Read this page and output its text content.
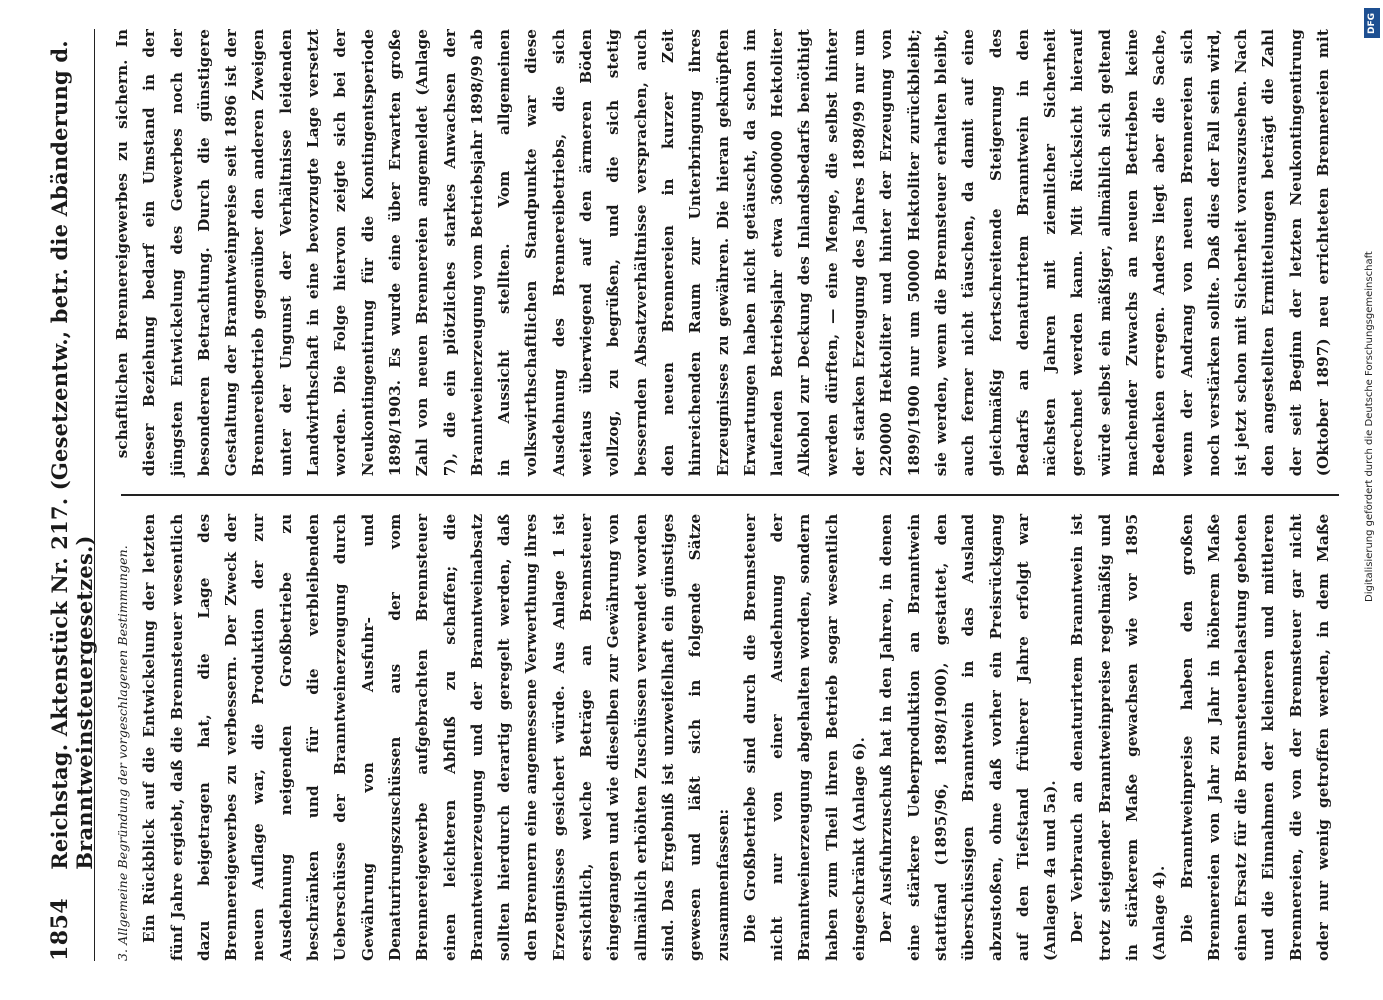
1854
Reichstag. Aktenstück Nr. 217. (Gesetzentw., betr. die Abänderung d. Branntweinsteuergesetzes.)	3. Allgemeine Begründung der vorgeschlagenen Bestimmungen. Ein Rückblick auf die Entwickelung der letzten fünf Jahre ergiebt, daß die Brennsteuer wesentlich dazu beigetragen hat, die Lage des Brennereigewerbes zu verbessern. Der Zweck der neuen Auflage war, die Produktion der zur Ausdehnung neigenden Großbetriebe zu beschränken und für die verbleibenden Ueberschüsse der Branntweinerzeugung durch Gewährung von Ausfuhr- und Denaturirungszuschüssen aus der vom Brennereigewerbe aufgebrachten Brennsteuer einen leichteren Abfluß zu schaffen; die Branntweinerzeugung und der Branntweinabsatz sollten hierdurch derartig geregelt werden, daß den Brennern eine angemessene Verwerthung ihres Erzeugnisses gesichert würde. Aus Anlage 1 ist ersichtlich, welche Beträge an Brennsteuer eingegangen und wie dieselben zur Gewährung von allmählich erhöhten Zuschüssen verwendet worden sind. Das Ergebniß ist unzweifelhaft ein günstiges gewesen und läßt sich in folgende Sätze zusammenfassen: Die Großbetriebe sind durch die Brennsteuer nicht nur von einer Ausdehnung der Branntweinerzeugung abgehalten worden, sondern haben zum Theil ihren Betrieb sogar wesentlich eingeschränkt (Anlage 6). Der Ausfuhrzuschuß hat in den Jahren, in denen eine stärkere Ueberproduktion an Branntwein stattfand (1895/96, 1898/1900), gestattet, den überschüssigen Branntwein in das Ausland abzustoßen, ohne daß vorher ein Preisrückgang auf den Tiefstand früherer Jahre erfolgt war (Anlagen 4a und 5a). Der Verbrauch an denaturirtem Branntwein ist trotz steigender Branntweinpreise regelmäßig und in stärkerem Maße gewachsen wie vor 1895 (Anlage 4). Die Branntweinpreise haben den großen Brennereien von Jahr zu Jahr in höherem Maße einen Ersatz für die Brennsteuerbelastung geboten und die Einnahmen der kleineren und mittleren Brennereien, die von der Brennsteuer gar nicht oder nur wenig getroffen werden, in dem Maße

schaftlichen Brennereigewerbes zu sichern. In dieser Beziehung bedarf ein Umstand in der jüngsten Entwickelung des Gewerbes noch der besonderen Betrachtung. Durch die günstigere Gestaltung der Branntweinpreise seit 1896 ist der Brennereibetrieb gegenüber den anderen Zweigen unter der Ungunst der Verhältnisse leidenden Landwirthschaft in eine bevorzugte Lage versetzt worden. Die Folge hiervon zeigte sich bei der Neukontingentirung für die Kontingentsperiode 1898/1903. Es wurde eine über Erwarten große Zahl von neuen Brennereien angemeldet (Anlage 7), die ein plötzliches starkes Anwachsen der Branntweinerzeugung vom Betriebsjahr 1898/99 ab in Aussicht stellten. Vom allgemeinen volkswirthschaftlichen Standpunkte war diese Ausdehnung des Brennereibetriebs, die sich weitaus überwiegend auf den ärmeren Böden vollzog, zu begrüßen, und die sich stetig bessernden Absatzverhältnisse versprachen, auch den neuen Brennereien in kurzer Zeit hinreichenden Raum zur Unterbringung ihres Erzeugnisses zu gewähren. Die hieran geknüpften Erwartungen haben nicht getäuscht, da schon im laufenden Betriebsjahr etwa 3600000 Hektoliter Alkohol zur Deckung des Inlandsbedarfs benöthigt werden dürften, — eine Menge, die selbst hinter der starken Erzeugung des Jahres 1898/99 nur um 220000 Hektoliter und hinter der Erzeugung von 1899/1900 nur um 50000 Hektoliter zurückbleibt; sie werden, wenn die Brennsteuer erhalten bleibt, auch ferner nicht täuschen, da damit auf eine gleichmäßig fortschreitende Steigerung des Bedarfs an denaturirtem Branntwein in den nächsten Jahren mit ziemlicher Sicherheit gerechnet werden kann. Mit Rücksicht hierauf würde selbst ein mäßiger, allmählich sich geltend machender Zuwachs an neuen Betrieben keine Bedenken erregen. Anders liegt aber die Sache, wenn der Andrang von neuen Brennereien sich noch verstärken sollte. Daß dies der Fall sein wird, ist jetzt schon mit Sicherheit vorauszusehen. Nach den angestellten Ermittelungen beträgt die Zahl der seit Beginn der letzten Neukontingentirung (Oktober 1897) neu errichteten Brennereien mit

DFG
Digitalisierung gefördert durch die Deutsche Forschungsgemeinschaft
